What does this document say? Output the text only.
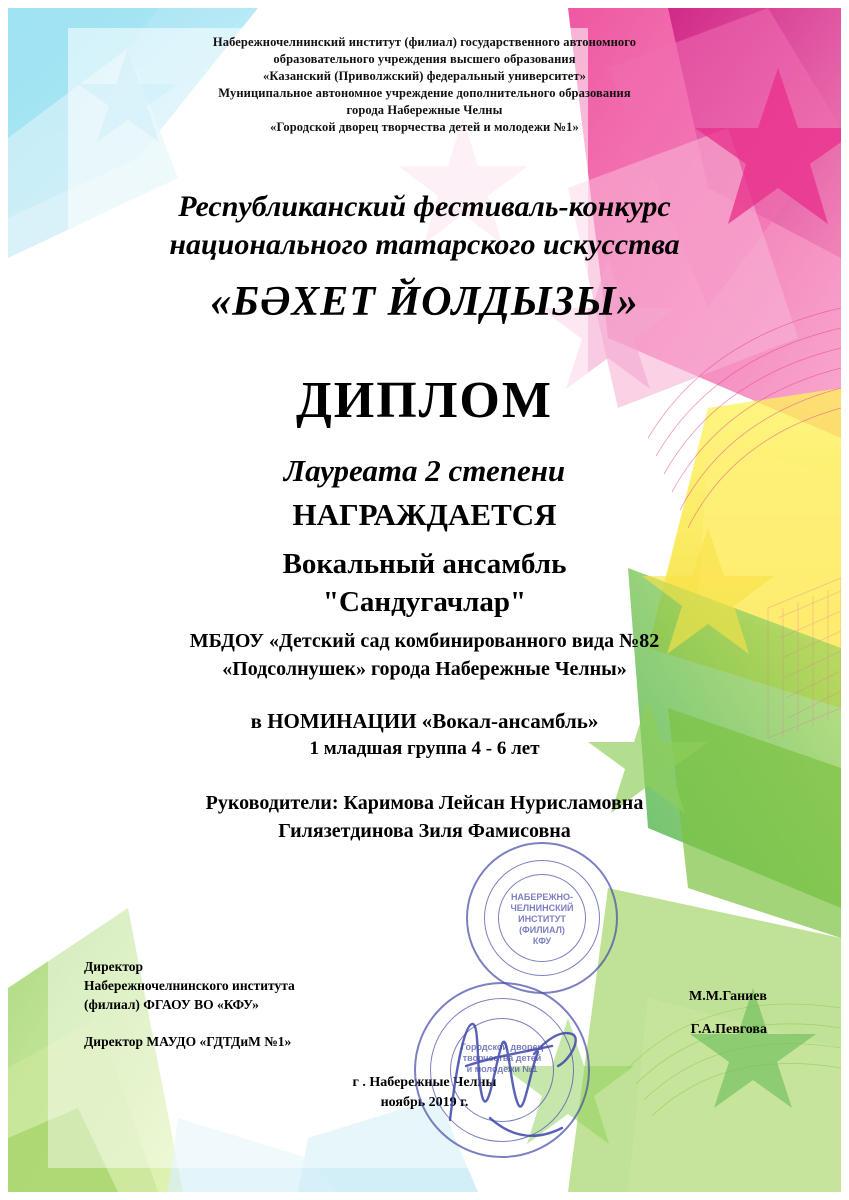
Набережночелнинский институт (филиал) государственного автономного
образовательного учреждения высшего образования
«Казанский (Приволжский) федеральный университет»
Муниципальное автономное учреждение дополнительного образования
города Набережные Челны
«Городской дворец творчества детей и молодежи №1»
Республиканский фестиваль-конкурс
национального татарского искусства
«БӘХЕТ ЙОЛДЫЗЫ»
ДИПЛОМ
Лауреата 2 степени
НАГРАЖДАЕТСЯ
Вокальный ансамбль
"Сандугачлар"
МБДОУ «Детский сад комбинированного вида №82
«Подсолнушек» города Набережные Челны»
в НОМИНАЦИИ «Вокал-ансамбль»
1 младшая группа 4 - 6 лет
Руководители: Каримова Лейсан Нурисламовна
Гилязетдинова Зиля Фамисовна
Директор
Набережночелнинского института
(филиал) ФГАОУ ВО «КФУ»
Директор МАУДО «ГДТДиМ №1»
М.М.Ганиев
Г.А.Певгова
г . Набережные Челны
ноябрь 2019 г.
НАБЕРЕЖНО-
ЧЕЛНИНСКИЙ
ИНСТИТУТ
(ФИЛИАЛ)
КФУ
Городской дворец
творчества детей
и молодежи №1
